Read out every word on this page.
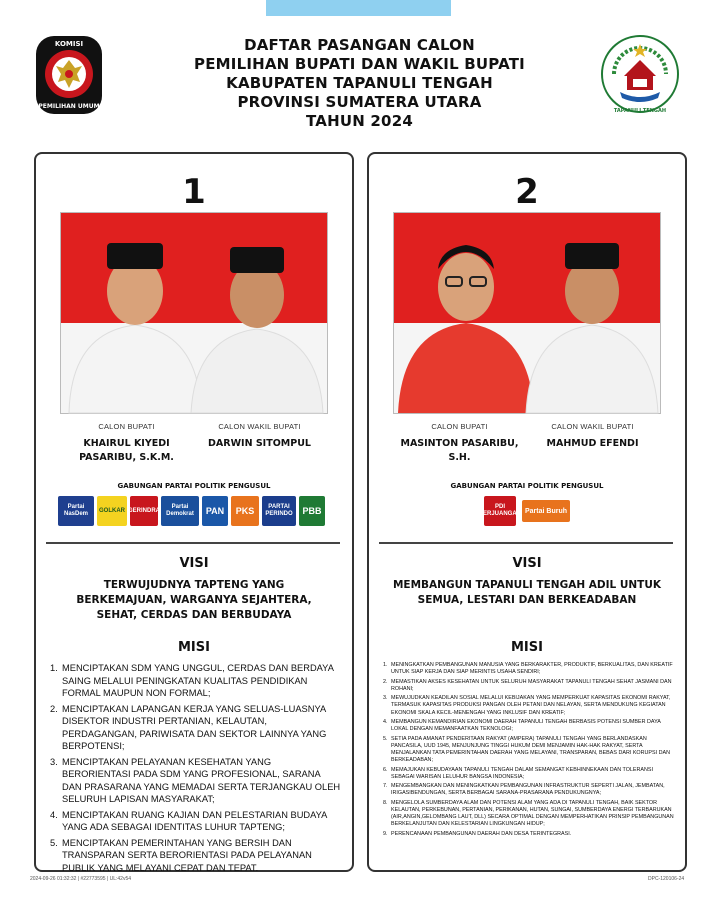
KOMISI
PEMILIHAN UMUM
TAPANULI TENGAH
DAFTAR PASANGAN CALON
PEMILIHAN BUPATI DAN WAKIL BUPATI
KABUPATEN TAPANULI TENGAH
PROVINSI SUMATERA UTARA
TAHUN 2024
1
CALON BUPATI
KHAIRUL KIYEDI
PASARIBU, S.K.M.
CALON WAKIL BUPATI
DARWIN SITOMPUL
GABUNGAN PARTAI POLITIK PENGUSUL
Partai NasDem
GOLKAR GERINDRA
Partai Demokrat	PAN PKS	PARTAI PERINDO	PBB
VISI
TERWUJUDNYA TAPTENG YANG
BERKEMAJUAN, WARGANYA SEJAHTERA,
SEHAT, CERDAS DAN BERBUDAYA
MISI
1. MENCIPTAKAN SDM YANG UNGGUL, CERDAS DAN BERDAYA SAING MELALUI PENINGKATAN KUALITAS PENDIDIKAN FORMAL MAUPUN NON FORMAL;
2. MENCIPTAKAN LAPANGAN KERJA YANG SELUAS-LUASNYA DISEKTOR INDUSTRI PERTANIAN, KELAUTAN, PERDAGANGAN, PARIWISATA DAN SEKTOR LAINNYA YANG BERPOTENSI;
3. MENCIPTAKAN PELAYANAN KESEHATAN YANG BERORIENTASI PADA SDM YANG PROFESIONAL, SARANA DAN PRASARANA YANG MEMADAI SERTA TERJANGKAU OLEH SELURUH LAPISAN MASYARAKAT;
4. MENCIPTAKAN RUANG KAJIAN DAN PELESTARIAN BUDAYA YANG ADA SEBAGAI IDENTITAS LUHUR TAPTENG;
5. MENCIPTAKAN PEMERINTAHAN YANG BERSIH DAN TRANSPARAN SERTA BERORIENTASI PADA PELAYANAN PUBLIK YANG MELAYANI CEPAT DAN TEPAT.
2
CALON BUPATI
MASINTON PASARIBU,
S.H.
CALON WAKIL BUPATI
MAHMUD EFENDI
GABUNGAN PARTAI POLITIK PENGUSUL
PDI PERJUANGAN Partai Buruh
VISI
MEMBANGUN TAPANULI TENGAH ADIL UNTUK
SEMUA, LESTARI DAN BERKEADABAN
MISI
1. MENINGKATKAN PEMBANGUNAN MANUSIA YANG BERKARAKTER, PRODUKTIF, BERKUALITAS, DAN KREATIF UNTUK SIAP KERJA DAN SIAP MERINTIS USAHA SENDIRI;
2. MEMASTIKAN AKSES KESEHATAN UNTUK SELURUH MASYARAKAT TAPANULI TENGAH SEHAT JASMANI DAN ROHANI;
3. MEWUJUDKAN KEADILAN SOSIAL MELALUI KEBIJAKAN YANG MEMPERKUAT KAPASITAS EKONOMI RAKYAT, TERMASUK KAPASITAS PRODUKSI PANGAN OLEH PETANI DAN NELAYAN, SERTA MENDUKUNG KEGIATAN EKONOMI SKALA KECIL-MENENGAH YANG INKLUSIF DAN KREATIF;
4. MEMBANGUN KEMANDIRIAN EKONOMI DAERAH TAPANULI TENGAH BERBASIS POTENSI SUMBER DAYA LOKAL DENGAN MEMANFAATKAN TEKNOLOGI;
5. SETIA PADA AMANAT PENDERITAAN RAKYAT (AMPERA) TAPANULI TENGAH YANG BERLANDASKAN PANCASILA, UUD 1945, MENJUNJUNG TINGGI HUKUM DEMI MENJAMIN HAK-HAK RAKYAT, SERTA MENJALANKAN TATA PEMERINTAHAN DAERAH YANG MELAYANI, TRANSPARAN, BEBAS DARI KORUPSI DAN BERKEADABAN;
6. MEMAJUKAN KEBUDAYAAN TAPANULI TENGAH DALAM SEMANGAT KEBHINNEKAAN DAN TOLERANSI SEBAGAI WARISAN LELUHUR BANGSA INDONESIA;
7. MENGEMBANGKAN DAN MENINGKATKAN PEMBANGUNAN INFRASTRUKTUR SEPERTI JALAN, JEMBATAN, IRIGASIBENDUNGAN, SERTA BERBAGAI SARANA-PRASARANA PENDUKUNGNYA;
8. MENGELOLA SUMBERDAYA ALAM DAN POTENSI ALAM YANG ADA DI TAPANULI TENGAH, BAIK SEKTOR KELAUTAN, PERKEBUNAN, PERTANIAN, PERIKANAN, HUTAN, SUNGAI, SUMBERDAYA ENERGI TERBARUKAN (AIR,ANGIN,GELOMBANG LAUT, DLL) SECARA OPTIMAL DENGAN MEMPERHATIKAN PRINSIP PEMBANGUNAN BERKELANJUTAN DAN KELESTARIAN LINGKUNGAN HIDUP;
9. PERENCANAAN PEMBANGUNAN DAERAH DAN DESA TERINTEGRASI.
2024-09-26 01:32:32 | #22773595 | UL:42v54	DPC-120106-24
